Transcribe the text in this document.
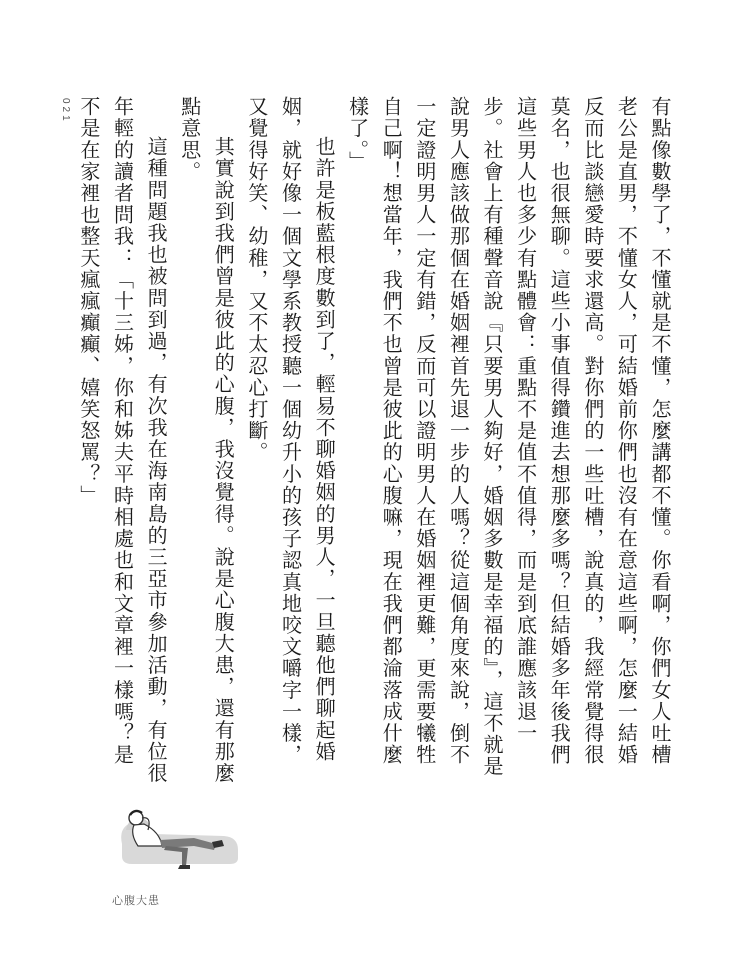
021	有點像數學了，不懂就是不懂，怎麼講都不懂。你看啊，你們女人吐槽老公是直男，不懂女人，可結婚前你們也沒有在意這些啊，怎麼一結婚反而比談戀愛時要求還高。對你們的一些吐槽，說真的，我經常覺得很莫名，也很無聊。這些小事值得鑽進去想那麼多嗎？但結婚多年後我們這些男人也多少有點體會：重點不是值不值得，而是到底誰應該退一步。社會上有種聲音說『只要男人夠好，婚姻多數是幸福的』，這不就是說男人應該做那個在婚姻裡首先退一步的人嗎？從這個角度來說，倒不一定證明男人一定有錯，反而可以證明男人在婚姻裡更難，更需要犧牲自己啊！想當年，我們不也曾是彼此的心腹嘛，現在我們都淪落成什麼樣了。」

也許是板藍根度數到了，輕易不聊婚姻的男人，一旦聽他們聊起婚姻，就好像一個文學系教授聽一個幼升小的孩子認真地咬文嚼字一樣，又覺得好笑、幼稚，又不太忍心打斷。

其實說到我們曾是彼此的心腹，我沒覺得。說是心腹大患，還有那麼點意思。

這種問題我也被問到過，有次我在海南島的三亞市參加活動，有位很年輕的讀者問我：「十三姊，你和姊夫平時相處也和文章裡一樣嗎？是不是在家裡也整天瘋瘋癲癲、嬉笑怒罵？」

心腹大患
